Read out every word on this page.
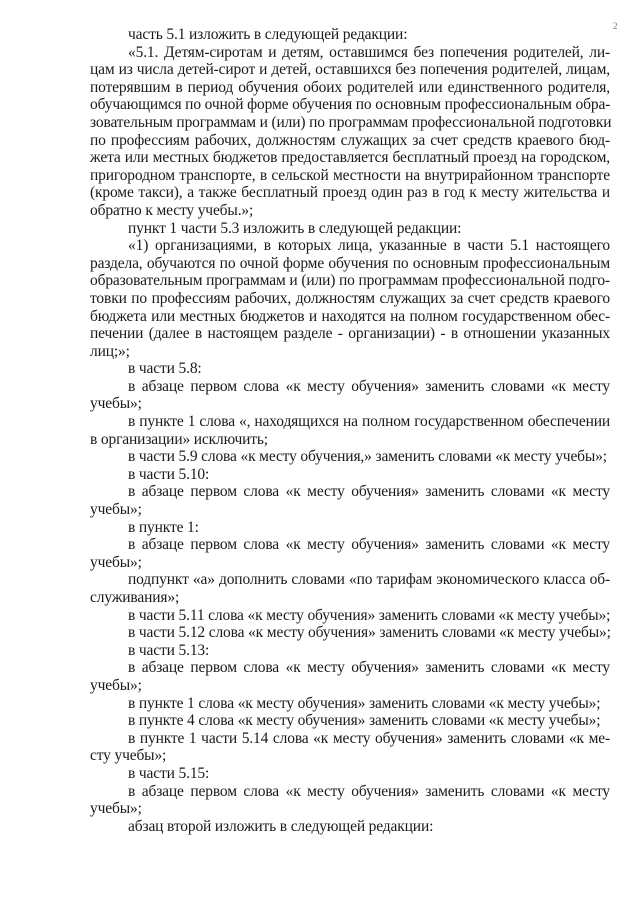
2
часть 5.1 изложить в следующей редакции:
«5.1. Детям-сиротам и детям, оставшимся без попечения родителей, ли-
цам из числа детей-сирот и детей, оставшихся без попечения родителей, лицам,
потерявшим в период обучения обоих родителей или единственного родителя,
обучающимся по очной форме обучения по основным профессиональным обра-
зовательным программам и (или) по программам профессиональной подготовки
по профессиям рабочих, должностям служащих за счет средств краевого бюд-
жета или местных бюджетов предоставляется бесплатный проезд на городском,
пригородном транспорте, в сельской местности на внутрирайонном транспорте
(кроме такси), а также бесплатный проезд один раз в год к месту жительства и
обратно к месту учебы.»;
пункт 1 части 5.3 изложить в следующей редакции:
«1) организациями, в которых лица, указанные в части 5.1 настоящего
раздела, обучаются по очной форме обучения по основным профессиональным
образовательным программам и (или) по программам профессиональной подго-
товки по профессиям рабочих, должностям служащих за счет средств краевого
бюджета или местных бюджетов и находятся на полном государственном обес-
печении (далее в настоящем разделе - организации) - в отношении указанных
лиц;»;
в части 5.8:
в абзаце первом слова «к месту обучения» заменить словами «к месту
учебы»;
в пункте 1 слова «, находящихся на полном государственном обеспечении
в организации» исключить;
в части 5.9 слова «к месту обучения,» заменить словами «к месту учебы»;
в части 5.10:
в абзаце первом слова «к месту обучения» заменить словами «к месту
учебы»;
в пункте 1:
в абзаце первом слова «к месту обучения» заменить словами «к месту
учебы»;
подпункт «а» дополнить словами «по тарифам экономического класса об-
служивания»;
в части 5.11 слова «к месту обучения» заменить словами «к месту учебы»;
в части 5.12 слова «к месту обучения» заменить словами «к месту учебы»;
в части 5.13:
в абзаце первом слова «к месту обучения» заменить словами «к месту
учебы»;
в пункте 1 слова «к месту обучения» заменить словами «к месту учебы»;
в пункте 4 слова «к месту обучения» заменить словами «к месту учебы»;
в пункте 1 части 5.14 слова «к месту обучения» заменить словами «к ме-
сту учебы»;
в части 5.15:
в абзаце первом слова «к месту обучения» заменить словами «к месту
учебы»;
абзац второй изложить в следующей редакции:
